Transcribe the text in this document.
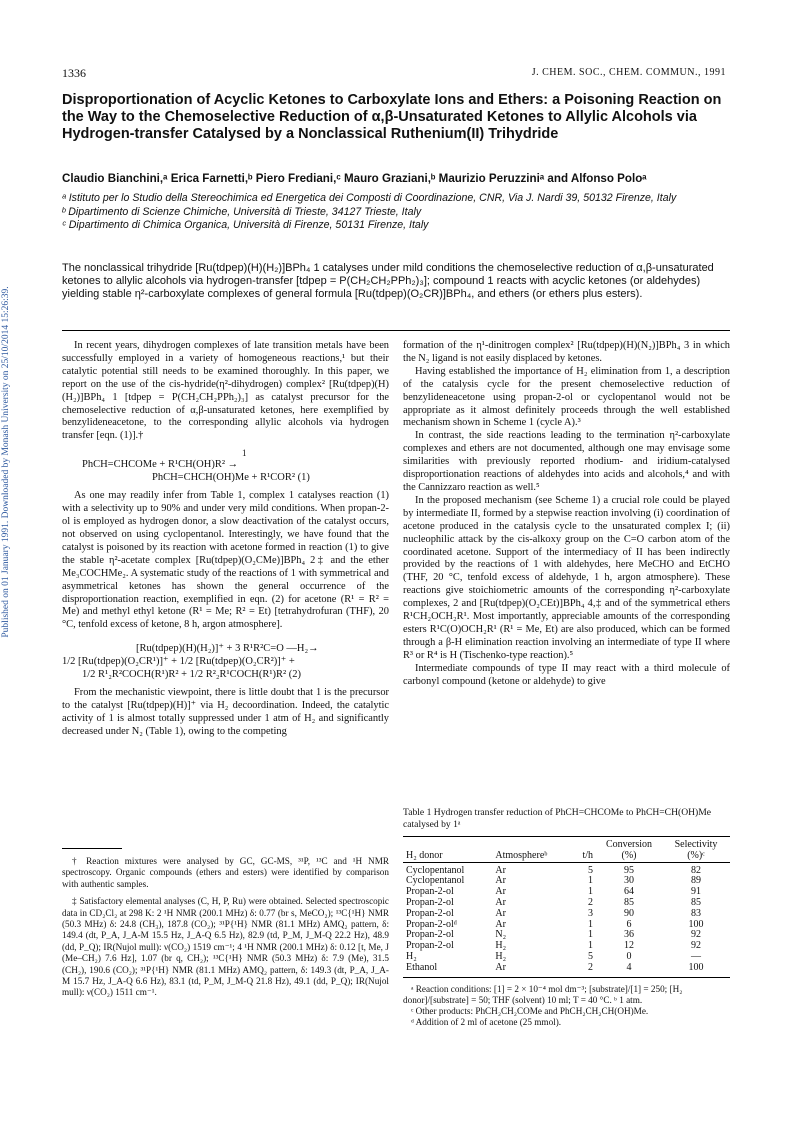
Published on 01 January 1991. Downloaded by Monash University on 25/10/2014 15:26:39.
1336	J. CHEM. SOC., CHEM. COMMUN., 1991
Disproportionation of Acyclic Ketones to Carboxylate Ions and Ethers: a Poisoning Reaction on the Way to the Chemoselective Reduction of α,β-Unsaturated Ketones to Allylic Alcohols via Hydrogen-transfer Catalysed by a Nonclassical Ruthenium(II) Trihydride
Claudio Bianchini,ᵃ Erica Farnetti,ᵇ Piero Frediani,ᶜ Mauro Graziani,ᵇ Maurizio Peruzziniᵃ and Alfonso Poloᵃ
ᵃ Istituto per lo Studio della Stereochimica ed Energetica dei Composti di Coordinazione, CNR, Via J. Nardi 39, 50132 Firenze, Italy
ᵇ Dipartimento di Scienze Chimiche, Università di Trieste, 34127 Trieste, Italy
ᶜ Dipartimento di Chimica Organica, Università di Firenze, 50131 Firenze, Italy
The nonclassical trihydride [Ru(tdpep)(H)(H₂)]BPh₄ 1 catalyses under mild conditions the chemoselective reduction of α,β-unsaturated ketones to allylic alcohols via hydrogen-transfer [tdpep = P(CH₂CH₂PPh₂)₃]; compound 1 reacts with acyclic ketones (or aldehydes) yielding stable η²-carboxylate complexes of general formula [Ru(tdpep)(O₂CR)]BPh₄, and ethers (or ethers plus esters).

In recent years, dihydrogen complexes of late transition metals have been successfully employed in a variety of homogeneous reactions,¹ but their catalytic potential still needs to be examined thoroughly. In this paper, we report on the use of the cis-hydride(η²-dihydrogen) complex² [Ru(tdpep)(H)(H₂)]BPh₄ 1 [tdpep = P(CH₂CH₂PPh₂)₃] as catalyst precursor for the chemoselective reduction of α,β-unsaturated ketones, here exemplified by benzylideneacetone, to the corresponding allylic alcohols via hydrogen transfer [eqn. (1)].†

1
PhCH=CHCOMe + R¹CH(OH)R² →
PhCH=CHCH(OH)Me + R¹COR² (1)

As one may readily infer from Table 1, complex 1 catalyses reaction (1) with a selectivity up to 90% and under very mild conditions. When propan-2-ol is employed as hydrogen donor, a slow deactivation of the catalyst occurs, not observed on using cyclopentanol. Interestingly, we have found that the catalyst is poisoned by its reaction with acetone formed in reaction (1) to give the stable η²-acetate complex [Ru(tdpep)(O₂CMe)]BPh₄ 2‡ and the ether Me₃COCHMe₂. A systematic study of the reactions of 1 with symmetrical and asymmetrical ketones has shown the general occurrence of the disproportionation reaction, exemplified in eqn. (2) for acetone (R¹ = R² = Me) and methyl ethyl ketone (R¹ = Me; R² = Et) [tetrahydrofuran (THF), 20 °C, tenfold excess of ketone, 8 h, argon atmosphere].

[Ru(tdpep)(H)(H₂)]⁺ + 3 R¹R²C=O —H₂→
1/2 [Ru(tdpep)(O₂CR¹)]⁺ + 1/2 [Ru(tdpep)(O₂CR²)]⁺ +
1/2 R¹₂R²COCH(R¹)R² + 1/2 R²₂R¹COCH(R¹)R² (2)

From the mechanistic viewpoint, there is little doubt that 1 is the precursor to the catalyst [Ru(tdpep)(H)]⁺ via H₂ decoordination. Indeed, the catalytic activity of 1 is almost totally suppressed under 1 atm of H₂ and significantly decreased under N₂ (Table 1), owing to the competing

† Reaction mixtures were analysed by GC, GC-MS, ³¹P, ¹³C and ¹H NMR spectroscopy. Organic compounds (ethers and esters) were identified by comparison with authentic samples.

‡ Satisfactory elemental analyses (C, H, P, Ru) were obtained. Selected spectroscopic data in CD₂Cl₂ at 298 K: 2 ¹H NMR (200.1 MHz) δ: 0.77 (br s, MeCO₂); ¹³C{¹H} NMR (50.3 MHz) δ: 24.8 (CH₃), 187.8 (CO₂); ³¹P{¹H} NMR (81.1 MHz) AMQ₂ pattern, δ: 149.4 (dt, P_A, J_A-M 15.5 Hz, J_A-Q 6.5 Hz), 82.9 (td, P_M, J_M-Q 22.2 Hz), 48.9 (dd, P_Q); IR(Nujol mull): ν(CO₂) 1519 cm⁻¹; 4 ¹H NMR (200.1 MHz) δ: 0.12 [t, Me, J (Me–CH₂) 7.6 Hz], 1.07 (br q, CH₂); ¹³C{¹H} NMR (50.3 MHz) δ: 7.9 (Me), 31.5 (CH₂), 190.6 (CO₂); ³¹P{¹H} NMR (81.1 MHz) AMQ₂ pattern, δ: 149.3 (dt, P_A, J_A-M 15.7 Hz, J_A-Q 6.6 Hz), 83.1 (td, P_M, J_M-Q 21.8 Hz), 49.1 (dd, P_Q); IR(Nujol mull): ν(CO₂) 1511 cm⁻¹.

formation of the η¹-dinitrogen complex² [Ru(tdpep)(H)(N₂)]BPh₄ 3 in which the N₂ ligand is not easily displaced by ketones.

Having established the importance of H₂ elimination from 1, a description of the catalysis cycle for the present chemoselective reduction of benzylideneacetone using propan-2-ol or cyclopentanol would not be appropriate as it almost definitely proceeds through the well established mechanism shown in Scheme 1 (cycle A).³

In contrast, the side reactions leading to the termination η²-carboxylate complexes and ethers are not documented, although one may envisage some similarities with previously reported rhodium- and iridium-catalysed disproportionation reactions of aldehydes into acids and alcohols,⁴ and with the Cannizzaro reaction as well.⁵

In the proposed mechanism (see Scheme 1) a crucial role could be played by intermediate II, formed by a stepwise reaction involving (i) coordination of acetone produced in the catalysis cycle to the unsaturated complex I; (ii) nucleophilic attack by the cis-alkoxy group on the C=O carbon atom of the coordinated acetone. Support of the intermediacy of II has been indirectly provided by the reactions of 1 with aldehydes, here MeCHO and EtCHO (THF, 20 °C, tenfold excess of aldehyde, 1 h, argon atmosphere). These reactions give stoichiometric amounts of the corresponding η²-carboxylate complexes, 2 and [Ru(tdpep)(O₂CEt)]BPh₄ 4,‡ and of the symmetrical ethers R¹CH₂OCH₂R¹. Most importantly, appreciable amounts of the corresponding esters R¹C(O)OCH₂R¹ (R¹ = Me, Et) are also produced, which can be formed through a β-H elimination reaction involving an intermediate of type II where R³ or R⁴ is H (Tischenko-type reaction).⁵

Intermediate compounds of type II may react with a third molecule of carbonyl compound (ketone or aldehyde) to give

Table 1 Hydrogen transfer reduction of PhCH=CHCOMe to PhCH=CH(OH)Me catalysed by 1ᵃ
H₂ donor	Atmosphereᵇ	t/h	Conversion (%)	Selectivity (%)ᶜ
Cyclopentanol	Ar	5	95	82
Cyclopentanol	Ar	1	30	89
Propan-2-ol	Ar	1	64	91
Propan-2-ol	Ar	2	85	85
Propan-2-ol	Ar	3	90	83
Propan-2-olᵈ	Ar	1	6	100
Propan-2-ol	N₂	1	36	92
Propan-2-ol	H₂	1	12	92
H₂	H₂	5	0	—
Ethanol	Ar	2	4	100
ᵃ Reaction conditions: [1] = 2 × 10⁻⁴ mol dm⁻³; [substrate]/[1] = 250; [H₂ donor]/[substrate] = 50; THF (solvent) 10 ml; T = 40 °C. ᵇ 1 atm.
ᶜ Other products: PhCH₂CH₂COMe and PhCH₂CH₂CH(OH)Me.
ᵈ Addition of 2 ml of acetone (25 mmol).
